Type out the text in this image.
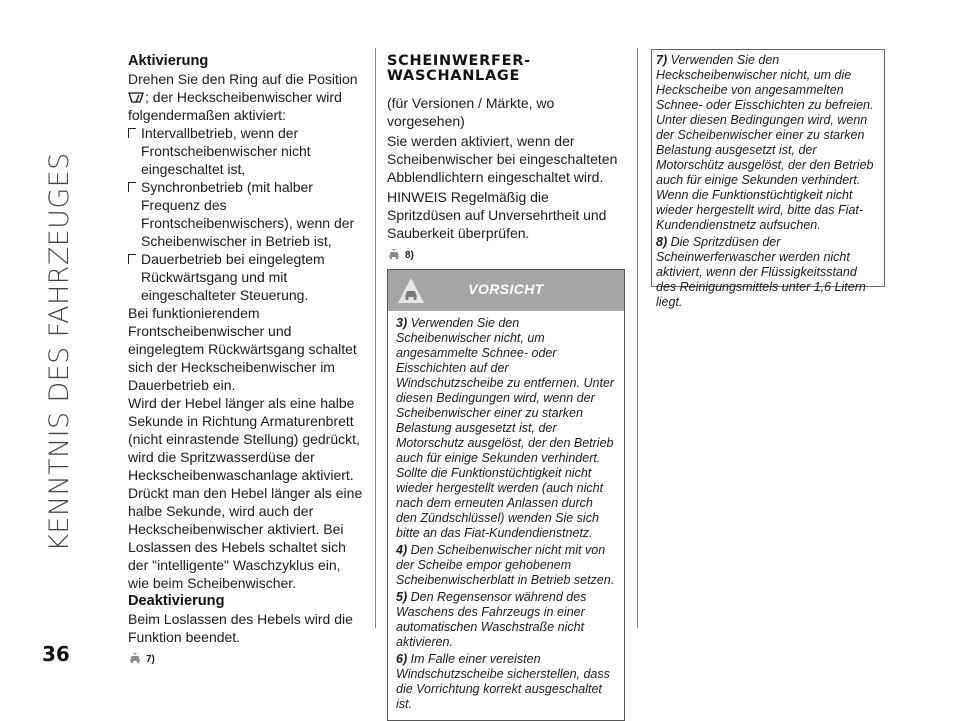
KENNTNIS DES FAHRZEUGES
36
Aktivierung

Drehen Sie den Ring auf die Position
; der Heckscheibenwischer wird folgendermaßen aktiviert:

Intervallbetrieb, wenn der Frontscheibenwischer nicht eingeschaltet ist,

Synchronbetrieb (mit halber Frequenz des Frontscheibenwischers), wenn der Scheibenwischer in Betrieb ist,

Dauerbetrieb bei eingelegtem Rückwärtsgang und mit eingeschalteter Steuerung.

Bei funktionierendem Frontscheibenwischer und eingelegtem Rückwärtsgang schaltet sich der Heckscheibenwischer im Dauerbetrieb ein.

Wird der Hebel länger als eine halbe Sekunde in Richtung Armaturenbrett (nicht einrastende Stellung) gedrückt, wird die Spritzwasserdüse der Heckscheibenwaschanlage aktiviert. Drückt man den Hebel länger als eine halbe Sekunde, wird auch der Heckscheibenwischer aktiviert. Bei Loslassen des Hebels schaltet sich der "intelligente" Waschzyklus ein, wie beim Scheibenwischer.

Deaktivierung

Beim Loslassen des Hebels wird die Funktion beendet.

7)
SCHEINWERFER-WASCHANLAGE

(für Versionen / Märkte, wo vorgesehen)

Sie werden aktiviert, wenn der Scheibenwischer bei eingeschalteten Abblendlichtern eingeschaltet wird.

HINWEIS Regelmäßig die Spritzdüsen auf Unversehrtheit und Sauberkeit überprüfen.

8)
VORSICHT

3) Verwenden Sie den Scheibenwischer nicht, um angesammelte Schnee- oder Eisschichten auf der Windschutzscheibe zu entfernen. Unter diesen Bedingungen wird, wenn der Scheibenwischer einer zu starken Belastung ausgesetzt ist, der Motorschutz ausgelöst, der den Betrieb auch für einige Sekunden verhindert. Sollte die Funktionstüchtigkeit nicht wieder hergestellt werden (auch nicht nach dem erneuten Anlassen durch den Zündschlüssel) wenden Sie sich bitte an das Fiat-Kundendienstnetz.

4) Den Scheibenwischer nicht mit von der Scheibe empor gehobenem Scheibenwischerblatt in Betrieb setzen.

5) Den Regensensor während des Waschens des Fahrzeugs in einer automatischen Waschstraße nicht aktivieren.

6) Im Falle einer vereisten Windschutzscheibe sicherstellen, dass die Vorrichtung korrekt ausgeschaltet ist.

7) Verwenden Sie den Heckscheibenwischer nicht, um die Heckscheibe von angesammelten Schnee- oder Eisschichten zu befreien. Unter diesen Bedingungen wird, wenn der Scheibenwischer einer zu starken Belastung ausgesetzt ist, der Motorschütz ausgelöst, der den Betrieb auch für einige Sekunden verhindert. Wenn die Funktionstüchtigkeit nicht wieder hergestellt wird, bitte das Fiat-Kundendienstnetz aufsuchen.

8) Die Spritzdüsen der Scheinwerferwascher werden nicht aktiviert, wenn der Flüssigkeitsstand des Reinigungsmittels unter 1,6 Litern liegt.
